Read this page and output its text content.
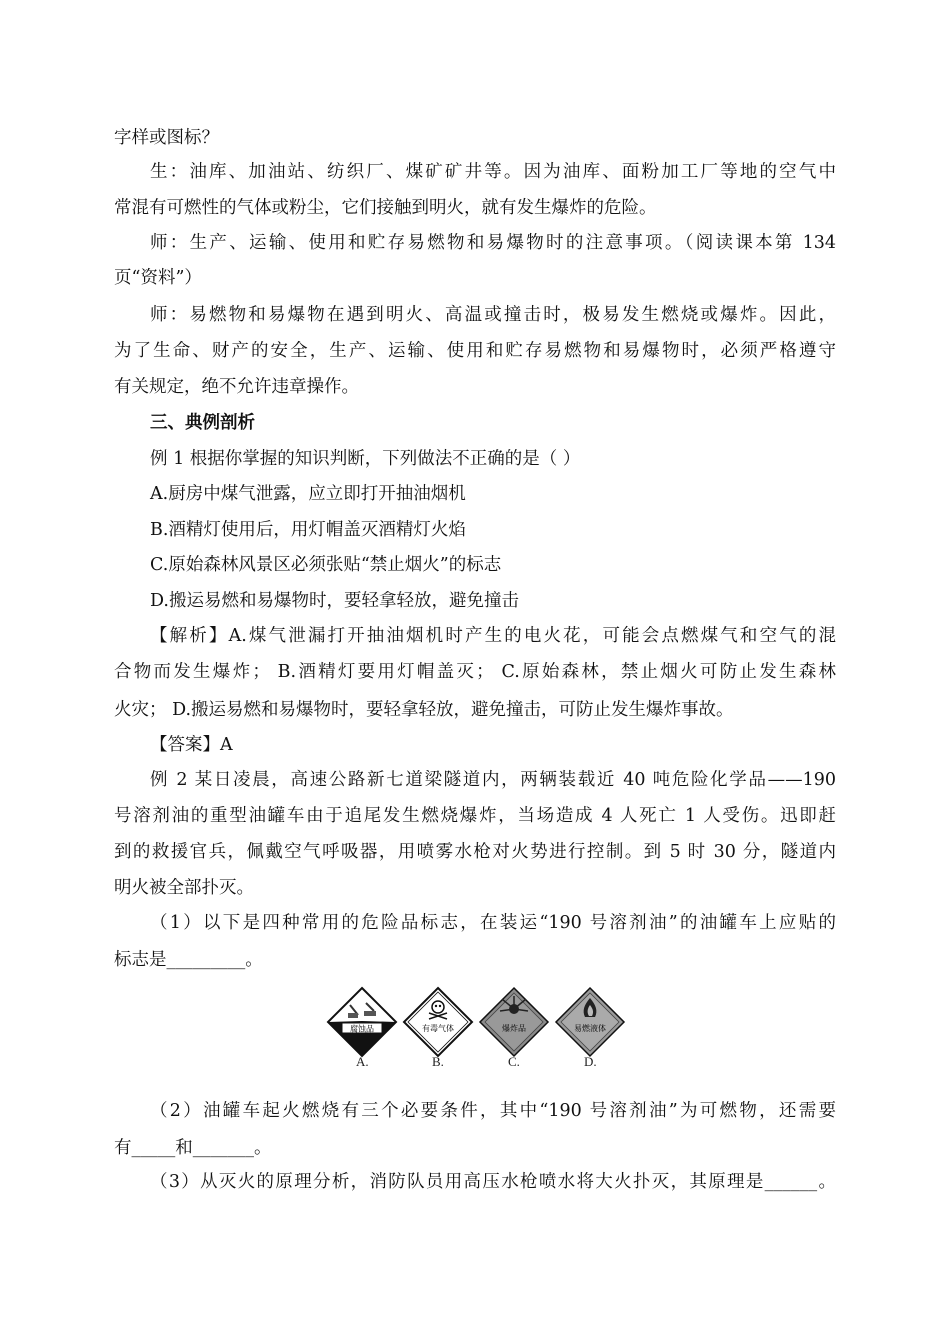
字样或图标？
生：油库、加油站、纺织厂、煤矿矿井等。因为油库、面粉加工厂等地的空气中
常混有可燃性的气体或粉尘，它们接触到明火，就有发生爆炸的危险。
师：生产、运输、使用和贮存易燃物和易爆物时的注意事项。（阅读课本第 134
页“资料”）
师：易燃物和易爆物在遇到明火、高温或撞击时，极易发生燃烧或爆炸。因此，
为了生命、财产的安全，生产、运输、使用和贮存易燃物和易爆物时，必须严格遵守
有关规定，绝不允许违章操作。
三、典例剖析
例 1 根据你掌握的知识判断，下列做法不正确的是（ ）
A.厨房中煤气泄露，应立即打开抽油烟机
B.酒精灯使用后，用灯帽盖灭酒精灯火焰
C.原始森林风景区必须张贴“禁止烟火”的标志
D.搬运易燃和易爆物时，要轻拿轻放，避免撞击
【解析】A.煤气泄漏打开抽油烟机时产生的电火花，可能会点燃煤气和空气的混
合物而发生爆炸； B.酒精灯要用灯帽盖灭； C.原始森林，禁止烟火可防止发生森林
火灾； D.搬运易燃和易爆物时，要轻拿轻放，避免撞击，可防止发生爆炸事故。
【答案】A
例 2 某日凌晨，高速公路新七道梁隧道内，两辆装载近 40 吨危险化学品——190
号溶剂油的重型油罐车由于追尾发生燃烧爆炸，当场造成 4 人死亡 1 人受伤。迅即赶
到的救援官兵，佩戴空气呼吸器，用喷雾水枪对火势进行控制。到 5 时 30 分，隧道内
明火被全部扑灭。
（1）以下是四种常用的危险品标志，在装运“190 号溶剂油”的油罐车上应贴的
标志是_________。
腐蚀品	有毒气体	爆炸品	易燃液体
A.	B.	C.	D.
（2）油罐车起火燃烧有三个必要条件，其中“190 号溶剂油”为可燃物，还需要
有_____和_______。
（3）从灭火的原理分析，消防队员用高压水枪喷水将大火扑灭，其原理是______。
